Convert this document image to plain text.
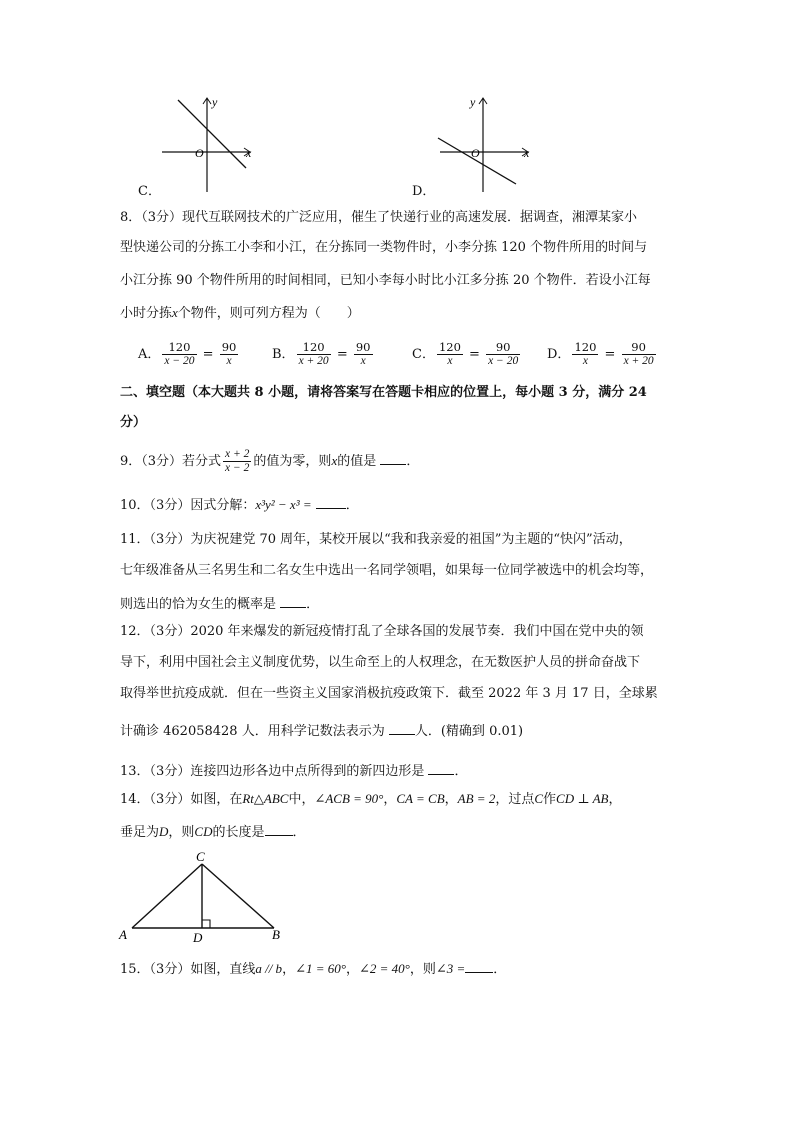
y
x
O
C．
y
x
O
D．
8．（3分）现代互联网技术的广泛应用，催生了快递行业的高速发展．据调查，湘潭某家小
型快递公司的分拣工小李和小江，在分拣同一类物件时，小李分拣 120 个物件所用的时间与
小江分拣 90 个物件所用的时间相同，已知小李每小时比小江多分拣 20 个物件．若设小江每
小时分拣x个物件，则可列方程为（　　）
A． $\frac{120}{x - 20} = \frac{90}{x}$	B． $\frac{120}{x + 20} = \frac{90}{x}$	C． $\frac{120}{x} = \frac{90}{x - 20}$ D． $\frac{120}{x} = \frac{90}{x + 20}$
二、填空题（本大题共 8 小题，请将答案写在答题卡相应的位置上，每小题 3 分，满分 24
分）
9．（3分）若分式 $\frac{x + 2}{x - 2}$ 的值为零，则x的值是 ．
10．（3分）因式分解：x³y² − x³ =	．
11．（3分）为庆祝建党 70 周年，某校开展以“我和我亲爱的祖国”为主题的“快闪”活动，
七年级准备从三名男生和二名女生中选出一名同学领唱，如果每一位同学被选中的机会均等，
则选出的恰为女生的概率是 ．
12．（3分）2020 年来爆发的新冠疫情打乱了全球各国的发展节奏．我们中国在党中央的领
导下，利用中国社会主义制度优势，以生命至上的人权理念，在无数医护人员的拼命奋战下
取得举世抗疫成就．但在一些资主义国家消极抗疫政策下．截至 2022 年 3 月 17 日，全球累
计确诊 462058428 人．用科学记数法表示为 人．(精确到 0.01)
13．（3分）连接四边形各边中点所得到的新四边形是 ．
14．（3分）如图，在Rt△ABC中，∠ACB = 90°，CA = CB，AB = 2，过点C作CD ⊥ AB，
垂足为D，则CD的长度是 ．
C
A	D	B
15．（3分）如图，直线a // b，∠1 = 60°，∠2 = 40°，则∠3 = ．
